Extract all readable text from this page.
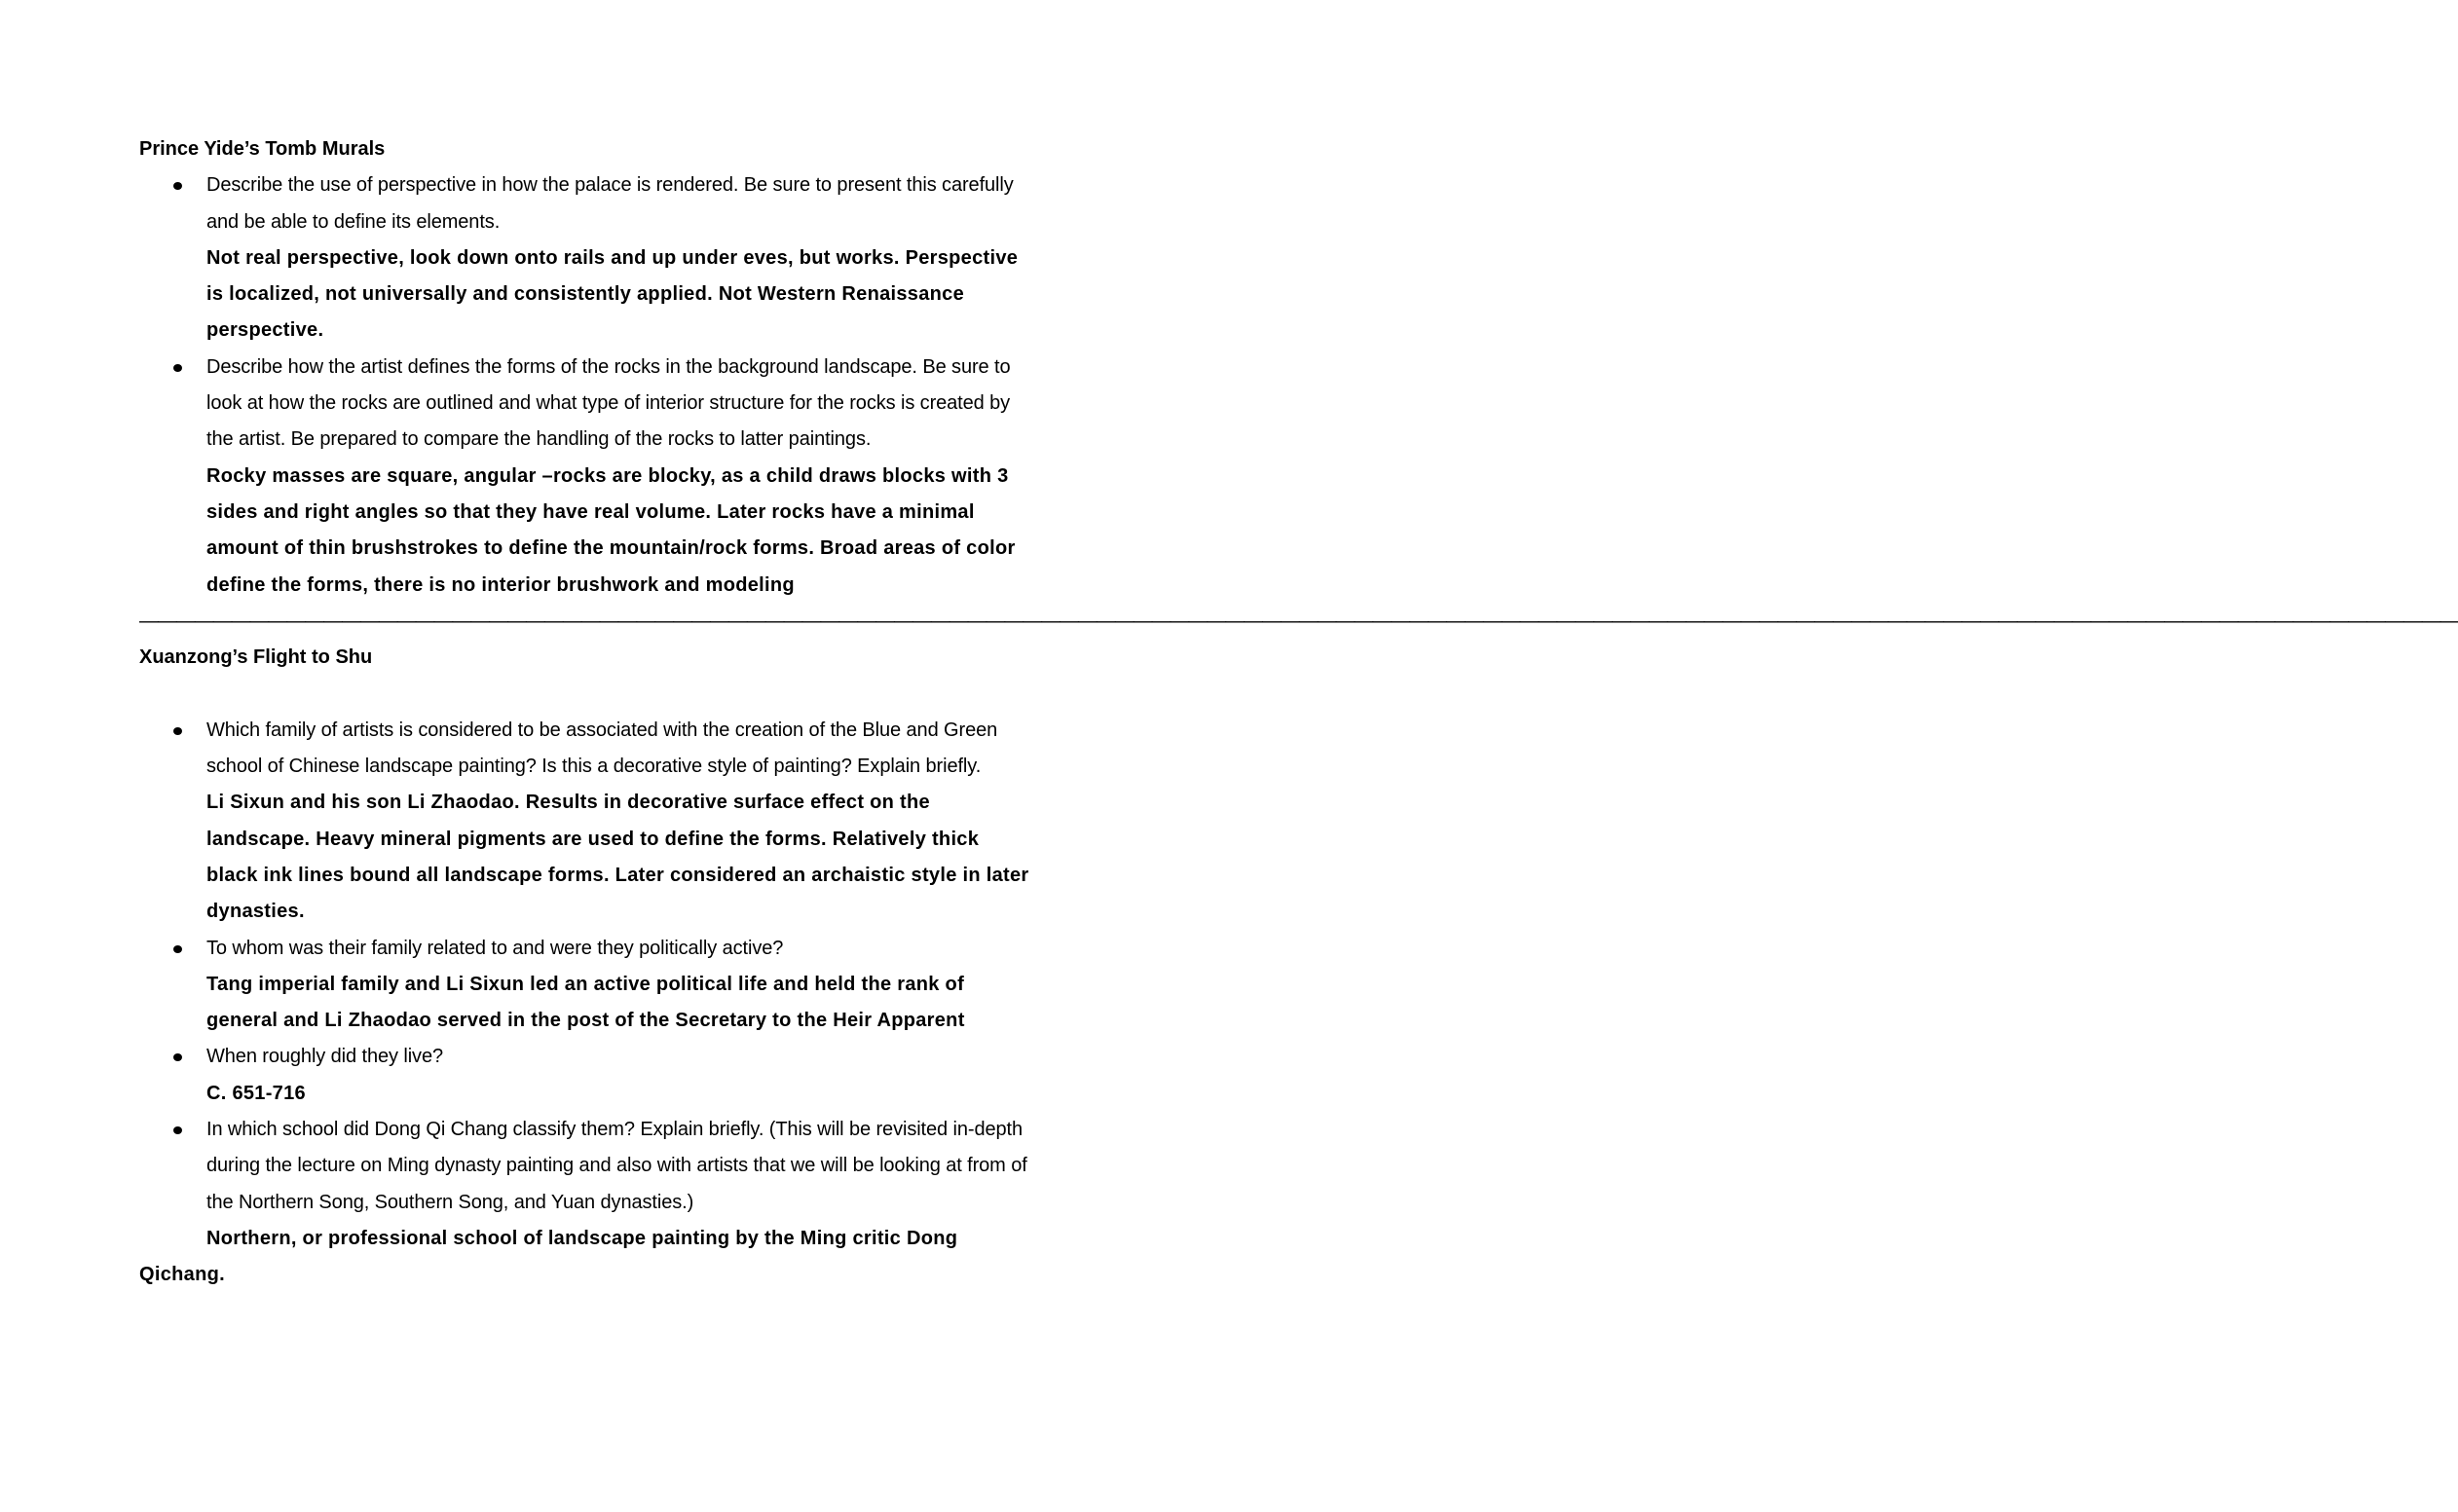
Prince Yide’s Tomb Murals

Describe the use of perspective in how the palace is rendered. Be sure to present this carefully and be able to define its elements.

Not real perspective, look down onto rails and up under eves, but works. Perspective is localized, not universally and consistently applied. Not Western Renaissance perspective.

Describe how the artist defines the forms of the rocks in the background landscape. Be sure to look at how the rocks are outlined and what type of interior structure for the rocks is created by the artist. Be prepared to compare the handling of the rocks to latter paintings.

Rocky masses are square, angular –rocks are blocky, as a child draws blocks with 3 sides and right angles so that they have real volume. Later rocks have a minimal amount of thin brushstrokes to define the mountain/rock forms. Broad areas of color define the forms, there is no interior brushwork and modeling

——————————————————————————————————————————————————————————————————————————————————————————————————————————————————————————————

Xuanzong’s Flight to Shu

Which family of artists is considered to be associated with the creation of the Blue and Green school of Chinese landscape painting? Is this a decorative style of painting? Explain briefly.

Li Sixun and his son Li Zhaodao. Results in decorative surface effect on the landscape. Heavy mineral pigments are used to define the forms. Relatively thick black ink lines bound all landscape forms. Later considered an archaistic style in later dynasties.

To whom was their family related to and were they politically active?

Tang imperial family and Li Sixun led an active political life and held the rank of general and Li Zhaodao served in the post of the Secretary to the Heir Apparent

When roughly did they live?

C. 651-716

In which school did Dong Qi Chang classify them? Explain briefly. (This will be revisited in-depth during the lecture on Ming dynasty painting and also with artists that we will be looking at from of the Northern Song, Southern Song, and Yuan dynasties.)

Northern, or professional school of landscape painting by the Ming critic Dong Qichang.
